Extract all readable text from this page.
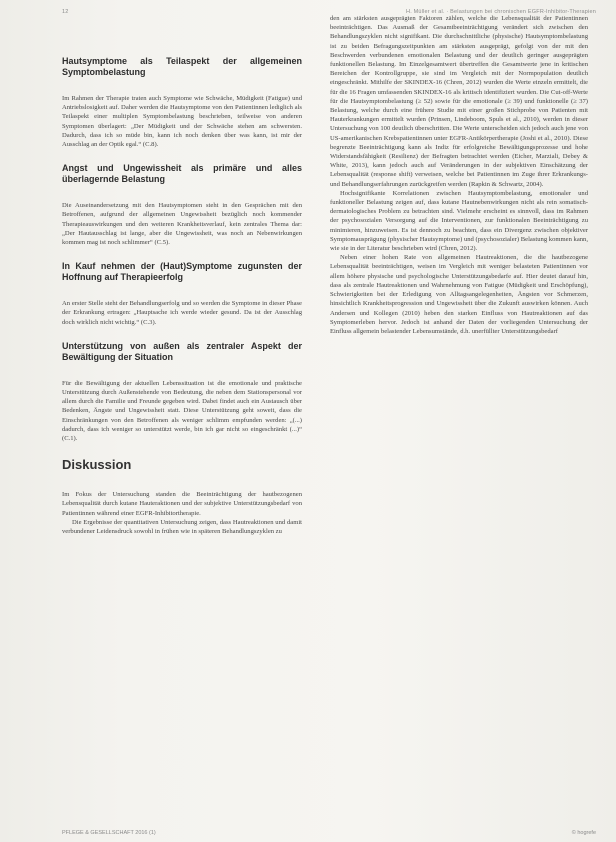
12	H. Müller et al. · Belastungen bei chronischen EGFR-Inhibitor-Therapien
Hautsymptome als Teilaspekt der allgemeinen Symptombelastung

Im Rahmen der Therapie traten auch Symptome wie Schwäche, Müdigkeit (Fatigue) und Antriebslosigkeit auf. Daher werden die Hautsymptome von den Patientinnen lediglich als Teilaspekt einer multiplen Symptombelastung beschrieben, teilweise von anderen Symptomen überlagert: „Der Müdigkeit und der Schwäche stehen am schwersten. Dadurch, dass ich so müde bin, kann ich noch denken über was kann, ist mir der Ausschlag an der Optik egal.“ (C.8).

Angst und Ungewissheit als primäre und alles überlagernde Belastung

Die Auseinandersetzung mit den Hautsymptomen steht in den Gesprächen mit den Betroffenen, aufgrund der allgemeinen Ungewissheit bezüglich noch kommender Therapieauswirkungen und den weiteren Krankheitsverlauf, kein zentrales Thema dar: „Der Hautausschlag ist lange, aber die Ungewissheit, was noch an Nebenwirkungen kommen mag ist noch schlimmer“ (C.5).

In Kauf nehmen der (Haut)Symptome zugunsten der Hoffnung auf Therapieerfolg

An erster Stelle steht der Behandlungserfolg und so werden die Symptome in dieser Phase der Erkrankung ertragen: „Hauptsache ich werde wieder gesund. Da ist der Ausschlag doch wirklich nicht wichtig.“ (C.3).

Unterstützung von außen als zentraler Aspekt der Bewältigung der Situation

Für die Bewältigung der aktuellen Lebenssituation ist die emotionale und praktische Unterstützung durch Außenstehende von Bedeutung, die neben dem Stationspersonal vor allem durch die Familie und Freunde gegeben wird. Dabei findet auch ein Austausch über Bedenken, Ängste und Ungewissheit statt. Diese Unterstützung geht soweit, dass die Einschränkungen von den Betroffenen als weniger schlimm empfunden werden: „(...) dadurch, dass ich weniger so unterstützt werde, bin ich gar nicht so eingeschränkt (...)“ (C.1).

Diskussion

Im Fokus der Untersuchung standen die Beeinträchtigung der hautbezogenen Lebensqualität durch kutane Hauteraktionen und der subjektive Unterstützungsbedarf von Patientinnen während einer EGFR-Inhibitortherapie.

Die Ergebnisse der quantitativen Untersuchung zeigen, dass Hautreaktionen und damit verbundener Leidensdruck sowohl in frühen wie in späteren Behandlungszyklen zu

den am stärksten ausgeprägten Faktoren zählen, welche die Lebensqualität der Patientinnen beeinträchtigen. Das Ausmaß der Gesamtbeeinträchtigung verändert sich zwischen den Behandlungszyklen nicht signifikant. Die durchschnittliche (physische) Hautsymptombelastung ist zu beiden Befragungszeitpunkten am stärksten ausgeprägt, gefolgt von der mit den Beschwerden verbundenen emotionalen Belastung und der deutlich geringer ausgeprägten funktionellen Belastung. Im Einzelgesamtwert übertreffen die Gesamtwerte jene in kritischen Bereichen der Kontrollgruppe, sie sind im Vergleich mit der Normpopulation deutlich eingeschränkt. Mithilfe der SKINDEX-16 (Chren, 2012) wurden die Werte einzeln ermittelt, die für die 16 Fragen umfassenden SKINDEX-16 als kritisch identifiziert wurden. Die Cut-off-Werte für die Hautsymptombelastung (≥ 52) sowie für die emotionale (≥ 39) und funktionelle (≥ 37) Belastung, welche durch eine frühere Studie mit einer großen Stichprobe von Patienten mit Hauterkrankungen ermittelt wurden (Prinsen, Lindeboom, Spuls et al., 2010), werden in dieser Untersuchung von 100 deutlich überschritten. Die Werte unterscheiden sich jedoch auch jene von US-amerikanischen Krebspatientinnen unter EGFR-Antikörpertherapie (Joshi et al., 2010). Diese begrenzte Beeinträchtigung kann als Indiz für erfolgreiche Bewältigungsprozesse und hohe Widerstandsfähigkeit (Resilienz) der Befragten betrachtet werden (Eicher, Marziali, Debey & White, 2013), kann jedoch auch auf Veränderungen in der subjektiven Einschätzung der Lebensqualität (response shift) verweisen, welche bei Patientinnen im Zuge ihrer Erkrankungs- und Behandlungserfahrungen zurückgreifen werden (Rapkin & Schwartz, 2004).

Hochsignifikante Korrelationen zwischen Hautsymptombelastung, emotionaler und funktioneller Belastung zeigen auf, dass kutane Hautnebenwirkungen nicht als rein somatisch-dermatologisches Problem zu betrachten sind. Vielmehr erscheint es sinnvoll, dass im Rahmen der psychosozialen Versorgung auf die Interventionen, zur funktionalen Beeinträchtigung zu minimieren, hinzuweisen. Es ist dennoch zu beachten, dass ein Divergenz zwischen objektiver Symptomausprägung (physischer Hautsymptome) und (psychosozialer) Belastung kommen kann, wie sie in der Literatur beschrieben wird (Chren, 2012).

Neben einer hohen Rate von allgemeinen Hautreaktionen, die die hautbezogene Lebensqualität beeinträchtigen, weisen im Vergleich mit weniger belasteten Patientinnen vor allem höhere physische und psychologische Unterstützungsbedarfe auf. Hier deutet darauf hin, dass als zentrale Hautreaktionen und Wahrnehmung von Fatigue (Müdigkeit und Erschöpfung), Schwierigkeiten bei der Erledigung von Alltagsangelegenheiten, Ängsten vor Schmerzen, hinsichtlich Krankheitsprogression und Ungewissheit über die Zukunft auswirken können. Auch Andersen und Kollegen (2010) heben den starken Einfluss von Hautreaktionen auf das Symptomerleben hervor. Jedoch ist anhand der Daten der vorliegenden Untersuchung der Einfluss allgemein belastender Lebensumstände, d.h. unerfüllter Unterstützungsbedarf

PFLEGE & GESELLSCHAFT 2016 (1)	© hogrefe
